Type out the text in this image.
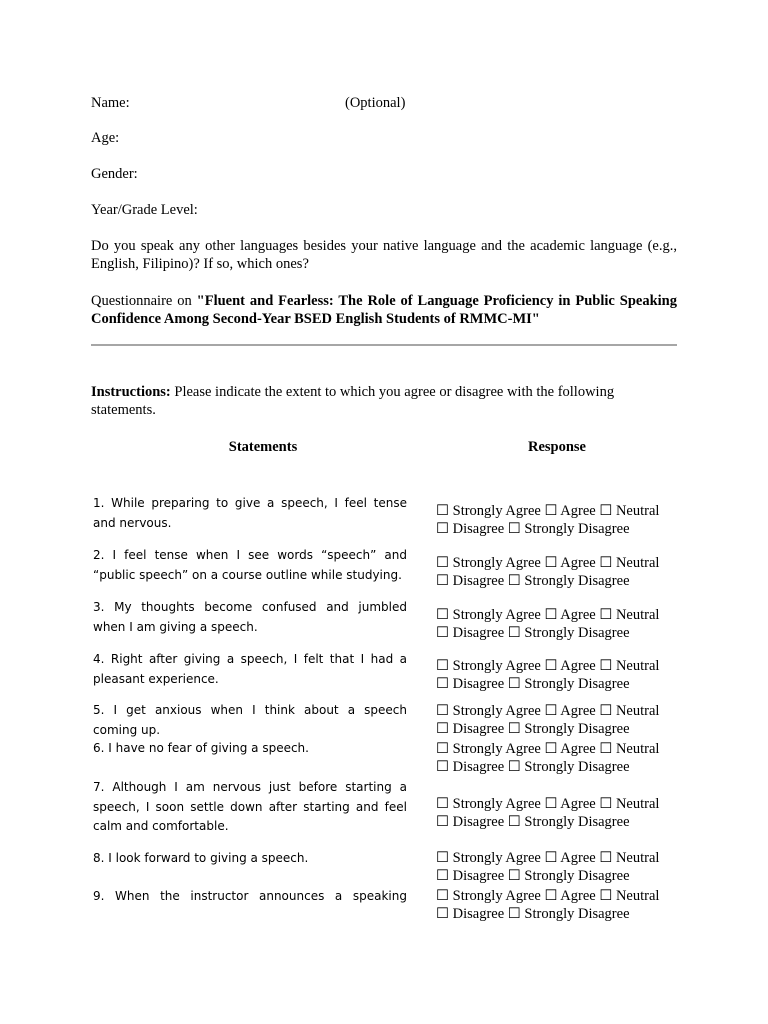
Name:	(Optional)
Age:
Gender:
Year/Grade Level:
Do you speak any other languages besides your native language and the academic language (e.g., English, Filipino)? If so, which ones?
Questionnaire on "Fluent and Fearless: The Role of Language Proficiency in Public Speaking Confidence Among Second-Year BSED English Students of RMMC-MI"
Instructions: Please indicate the extent to which you agree or disagree with the following statements.
Statements	Response
1. While preparing to give a speech, I feel tense and nervous.
☐ Strongly Agree ☐ Agree ☐ Neutral
☐ Disagree ☐ Strongly Disagree
2. I feel tense when I see words “speech” and “public speech” on a course outline while studying.
☐ Strongly Agree ☐ Agree ☐ Neutral
☐ Disagree ☐ Strongly Disagree
3. My thoughts become confused and jumbled when I am giving a speech.
☐ Strongly Agree ☐ Agree ☐ Neutral
☐ Disagree ☐ Strongly Disagree
4. Right after giving a speech, I felt that I had a pleasant experience.
☐ Strongly Agree ☐ Agree ☐ Neutral
☐ Disagree ☐ Strongly Disagree
5. I get anxious when I think about a speech coming up.
☐ Strongly Agree ☐ Agree ☐ Neutral
☐ Disagree ☐ Strongly Disagree
6. I have no fear of giving a speech.	☐ Strongly Agree ☐ Agree ☐ Neutral
☐ Disagree ☐ Strongly Disagree
7. Although I am nervous just before starting a speech, I soon settle down after starting and feel calm and comfortable.
☐ Strongly Agree ☐ Agree ☐ Neutral
☐ Disagree ☐ Strongly Disagree
8. I look forward to giving a speech.	☐ Strongly Agree ☐ Agree ☐ Neutral
☐ Disagree ☐ Strongly Disagree
9. When the instructor announces a speaking ☐ Strongly Agree ☐ Agree ☐ Neutral
☐ Disagree ☐ Strongly Disagree
